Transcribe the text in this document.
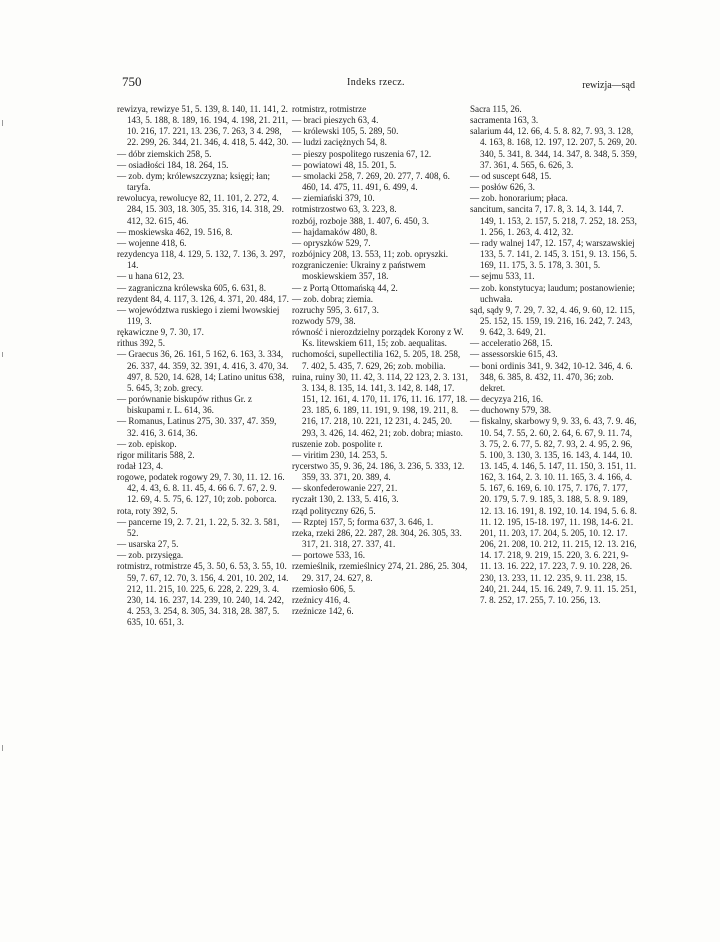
750	Indeks rzecz.	rewizja—sąd
rewizya, rewizye 51, 5. 139, 8. 140, 11. 141, 2. 143, 5. 188, 8. 189, 16. 194, 4. 198, 21. 211, 10. 216, 17. 221, 13. 236, 7. 263, 3 4. 298, 22. 299, 26. 344, 21. 346, 4. 418, 5. 442, 30.
— dóbr ziemskich 258, 5.
— osiadłości 184, 18. 264, 15.
— zob. dym; królewszczyzna; księgi; łan; taryfa.
rewolucya, rewolucye 82, 11. 101, 2. 272, 4. 284, 15. 303, 18. 305, 35. 316, 14. 318, 29. 412, 32. 615, 46.
— moskiewska 462, 19. 516, 8.
— wojenne 418, 6.
rezydencya 118, 4. 129, 5. 132, 7. 136, 3. 297, 14.
— u hana 612, 23.
— zagraniczna królewska 605, 6. 631, 8.
rezydent 84, 4. 117, 3. 126, 4. 371, 20. 484, 17.
— województwa ruskiego i ziemi lwowskiej 119, 3.
rękawiczne 9, 7. 30, 17.
rithus 392, 5.
— Graecus 36, 26. 161, 5 162, 6. 163, 3. 334, 26. 337, 44. 359, 32. 391, 4. 416, 3. 470, 34. 497, 8. 520, 14. 628, 14; Latino unitus 638, 5. 645, 3; zob. grecy.
— porównanie biskupów rithus Gr. z biskupami r. L. 614, 36.
— Romanus, Latinus 275, 30. 337, 47. 359, 32. 416, 3. 614, 36.
— zob. episkop.
rigor militaris 588, 2.
rodał 123, 4.
rogowe, podatek rogowy 29, 7. 30, 11. 12. 16. 42, 4. 43, 6. 8. 11. 45, 4. 66 6. 7. 67, 2. 9. 12. 69, 4. 5. 75, 6. 127, 10; zob. poborca.
rota, roty 392, 5.
— pancerne 19, 2. 7. 21, 1. 22, 5. 32. 3. 581, 52.
— usarska 27, 5.
— zob. przysięga.
rotmistrz, rotmistrze 45, 3. 50, 6. 53, 3. 55, 10. 59, 7. 67, 12. 70, 3. 156, 4. 201, 10. 202, 14. 212, 11. 215, 10. 225, 6. 228, 2. 229, 3. 4. 230, 14. 16. 237, 14. 239, 10. 240, 14. 242, 4. 253, 3. 254, 8. 305, 34. 318, 28. 387, 5. 635, 10. 651, 3.
rotmistrz, rotmistrze
— braci pieszych 63, 4.
— królewski 105, 5. 289, 50.
— ludzi zaciężnych 54, 8.
— pieszy pospolitego ruszenia 67, 12.
— powiatowi 48, 15. 201, 5.
— smolacki 258, 7. 269, 20. 277, 7. 408, 6. 460, 14. 475, 11. 491, 6. 499, 4.
— ziemiański 379, 10.
rotmistrzostwo 63, 3. 223, 8.
rozbój, rozboje 388, 1. 407, 6. 450, 3.
— hajdamaków 480, 8.
— opryszków 529, 7.
rozbójnicy 208, 13. 553, 11; zob. opryszki.
rozgraniczenie: Ukrainy z państwem moskiewskiem 357, 18.
— z Portą Ottomańską 44, 2.
— zob. dobra; ziemia.
rozruchy 595, 3. 617, 3.
rozwody 579, 38.
równość i nierozdzielny porządek Korony z W. Ks. litewskiem 611, 15; zob. aequalitas.
ruchomości, supellectilia 162, 5. 205, 18. 258, 7. 402, 5. 435, 7. 629, 26; zob. mobilia.
ruina, ruiny 30, 11. 42, 3. 114, 22 123, 2. 3. 131, 3. 134, 8. 135, 14. 141, 3. 142, 8. 148, 17. 151, 12. 161, 4. 170, 11. 176, 11. 16. 177, 18. 23. 185, 6. 189, 11. 191, 9. 198, 19. 211, 8. 216, 17. 218, 10. 221, 12 231, 4. 245, 20. 293, 3. 426, 14. 462, 21; zob. dobra; miasto.
ruszenie zob. pospolite r.
— viritim 230, 14. 253, 5.
rycerstwo 35, 9. 36, 24. 186, 3. 236, 5. 333, 12. 359, 33. 371, 20. 389, 4.
— skonfederowanie 227, 21.
ryczałt 130, 2. 133, 5. 416, 3.
rząd polityczny 626, 5.
— Rzptej 157, 5; forma 637, 3. 646, 1.
rzeka, rzeki 286, 22. 287, 28. 304, 26. 305, 33. 317, 21. 318, 27. 337, 41.
— portowe 533, 16.
rzemieślnik, rzemieślnicy 274, 21. 286, 25. 304, 29. 317, 24. 627, 8.
rzemiosło 606, 5.
rzeźnicy 416, 4.
rzeźnicze 142, 6.
Sacra 115, 26.
sacramenta 163, 3.
salarium 44, 12. 66, 4. 5. 8. 82, 7. 93, 3. 128, 4. 163, 8. 168, 12. 197, 12. 207, 5. 269, 20. 340, 5. 341, 8. 344, 14. 347, 8. 348, 5. 359, 37. 361, 4. 565, 6. 626, 3.
— od suscept 648, 15.
— posłów 626, 3.
— zob. honorarium; płaca.
sancitum, sancita 7, 17. 8, 3. 14, 3. 144, 7. 149, 1. 153, 2. 157, 5. 218, 7. 252, 18. 253, 1. 256, 1. 263, 4. 412, 32.
— rady walnej 147, 12. 157, 4; warszawskiej 133, 5. 7. 141, 2. 145, 3. 151, 9. 13. 156, 5. 169, 11. 175, 3. 5. 178, 3. 301, 5.
— sejmu 533, 11.
— zob. konstytucya; laudum; postanowienie; uchwała.
sąd, sądy 9, 7. 29, 7. 32, 4. 46, 9. 60, 12. 115, 25. 152, 15. 159, 19. 216, 16. 242, 7. 243, 9. 642, 3. 649, 21.
— acceleratio 268, 15.
— assessorskie 615, 43.
— boni ordinis 341, 9. 342, 10-12. 346, 4. 6. 348, 6. 385, 8. 432, 11. 470, 36; zob. dekret.
— decyzya 216, 16.
— duchowny 579, 38.
— fiskalny, skarbowy 9, 9. 33, 6. 43, 7. 9. 46, 10. 54, 7. 55, 2. 60, 2. 64, 6. 67, 9. 11. 74, 3. 75, 2. 6. 77, 5. 82, 7. 93, 2. 4. 95, 2. 96, 5. 100, 3. 130, 3. 135, 16. 143, 4. 144, 10. 13. 145, 4. 146, 5. 147, 11. 150, 3. 151, 11. 162, 3. 164, 2. 3. 10. 11. 165, 3. 4. 166, 4. 5. 167, 6. 169, 6. 10. 175, 7. 176, 7. 177, 20. 179, 5. 7. 9. 185, 3. 188, 5. 8. 9. 189, 12. 13. 16. 191, 8. 192, 10. 14. 194, 5. 6. 8. 11. 12. 195, 15-18. 197, 11. 198, 14-6. 21. 201, 11. 203, 17. 204, 5. 205, 10. 12. 17. 206, 21. 208, 10. 212, 11. 215, 12. 13. 216, 14. 17. 218, 9. 219, 15. 220, 3. 6. 221, 9-11. 13. 16. 222, 17. 223, 7. 9. 10. 228, 26. 230, 13. 233, 11. 12. 235, 9. 11. 238, 15. 240, 21. 244, 15. 16. 249, 7. 9. 11. 15. 251, 7. 8. 252, 17. 255, 7. 10. 256, 13.
